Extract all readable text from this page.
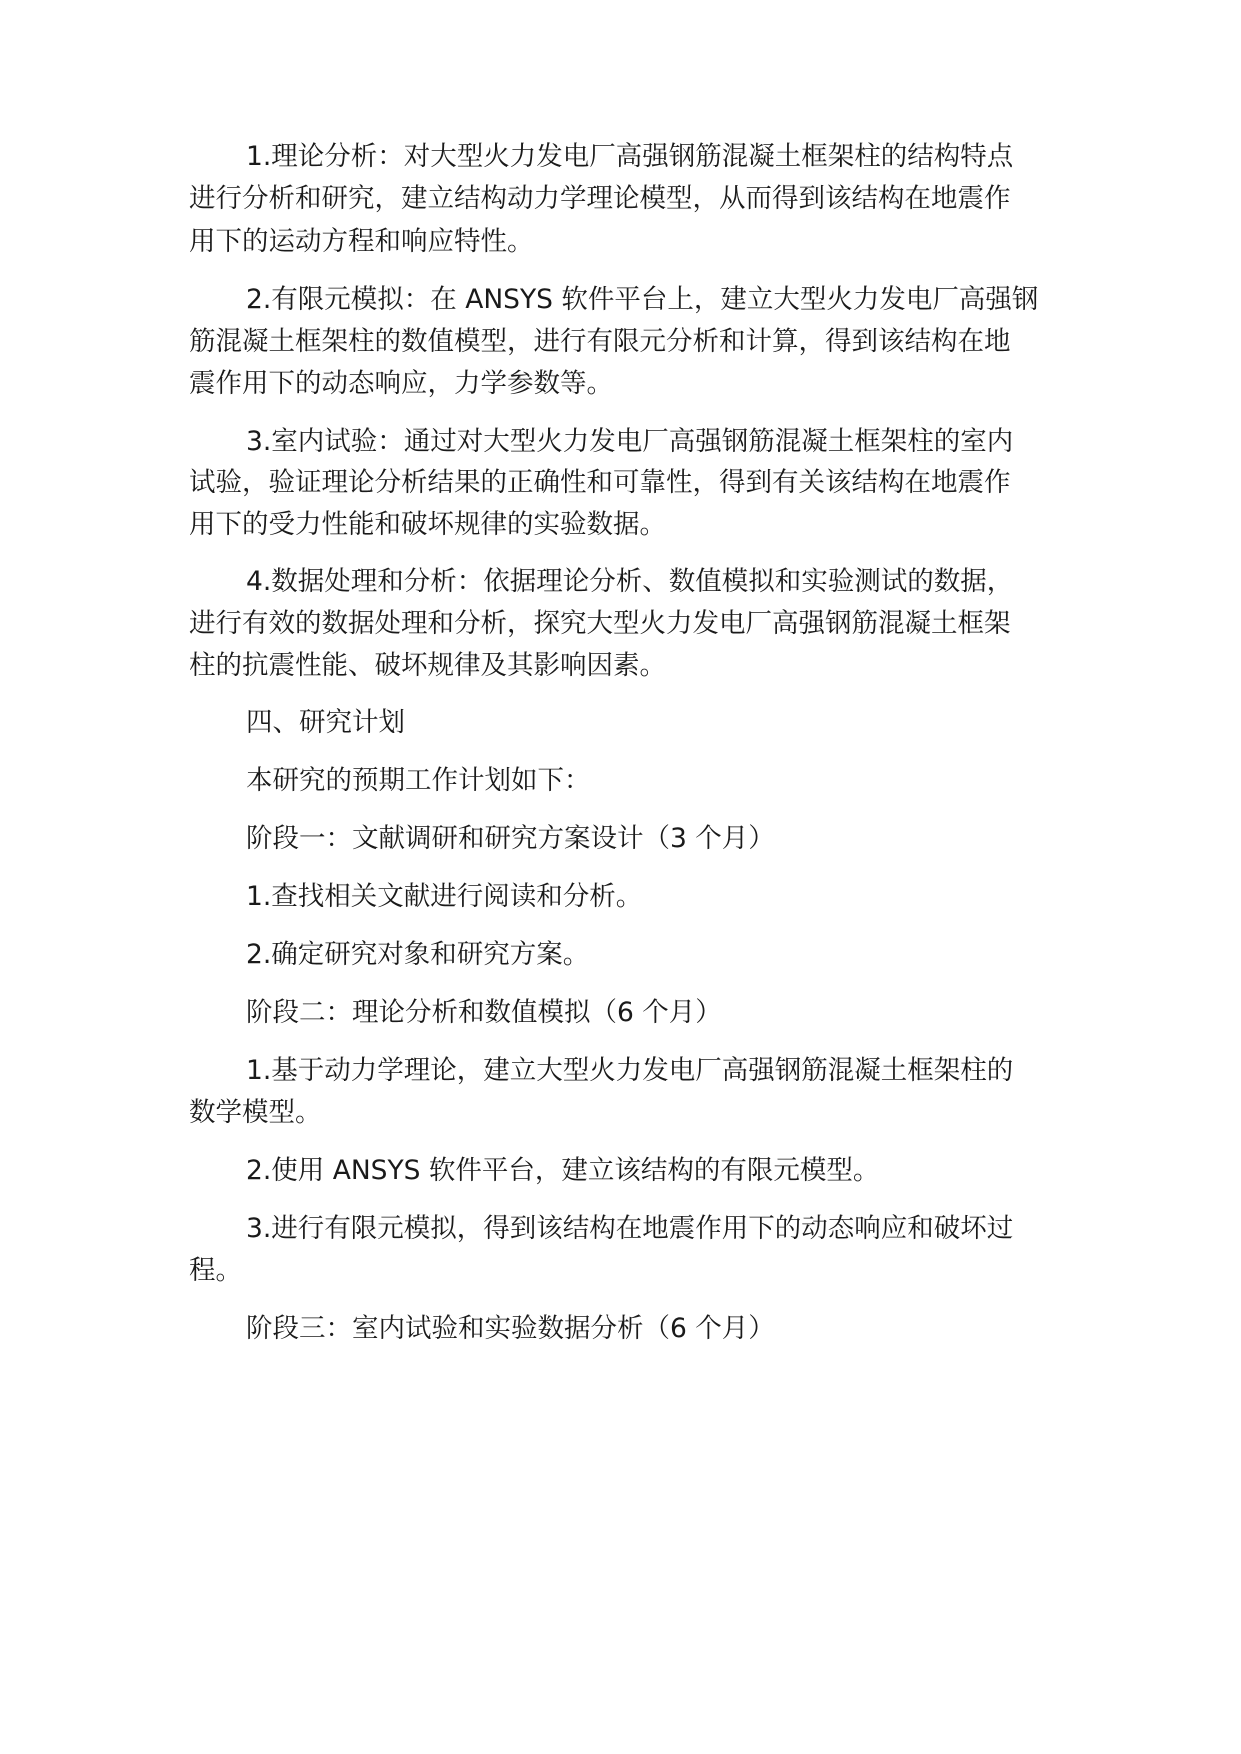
1.理论分析：对大型火力发电厂高强钢筋混凝土框架柱的结构特点
进行分析和研究，建立结构动力学理论模型，从而得到该结构在地震作
用下的运动方程和响应特性。
2.有限元模拟：在 ANSYS 软件平台上，建立大型火力发电厂高强钢
筋混凝土框架柱的数值模型，进行有限元分析和计算，得到该结构在地
震作用下的动态响应，力学参数等。
3.室内试验：通过对大型火力发电厂高强钢筋混凝土框架柱的室内
试验，验证理论分析结果的正确性和可靠性，得到有关该结构在地震作
用下的受力性能和破坏规律的实验数据。
4.数据处理和分析：依据理论分析、数值模拟和实验测试的数据，
进行有效的数据处理和分析，探究大型火力发电厂高强钢筋混凝土框架
柱的抗震性能、破坏规律及其影响因素。
四、研究计划
本研究的预期工作计划如下：
阶段一：文献调研和研究方案设计（3 个月）
1.查找相关文献进行阅读和分析。
2.确定研究对象和研究方案。
阶段二：理论分析和数值模拟（6 个月）
1.基于动力学理论，建立大型火力发电厂高强钢筋混凝土框架柱的
数学模型。
2.使用 ANSYS 软件平台，建立该结构的有限元模型。
3.进行有限元模拟，得到该结构在地震作用下的动态响应和破坏过
程。
阶段三：室内试验和实验数据分析（6 个月）
